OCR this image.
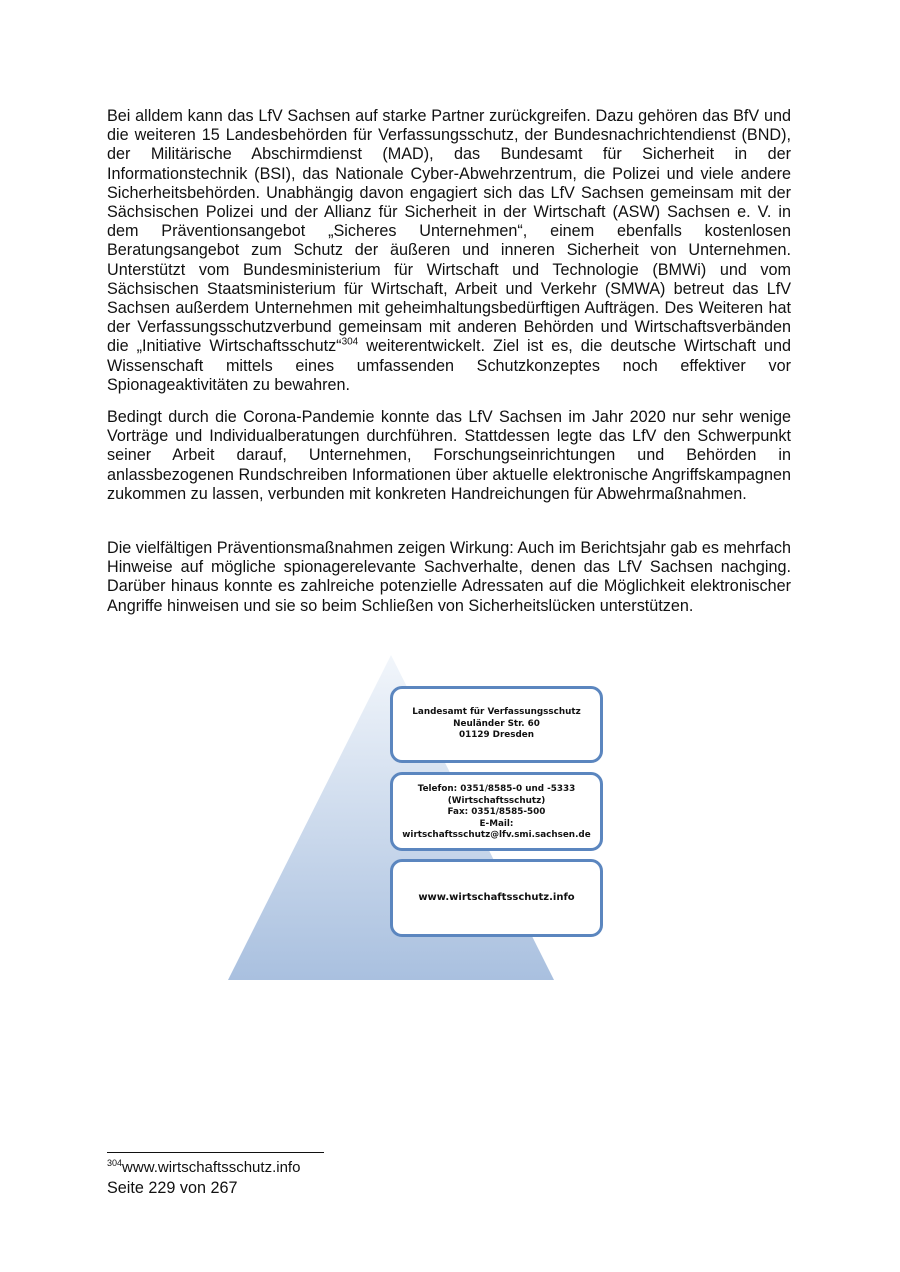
Bei alldem kann das LfV Sachsen auf starke Partner zurückgreifen. Dazu gehören das BfV und die weiteren 15 Landesbehörden für Verfassungsschutz, der Bundesnachrichtendienst (BND), der Militärische Abschirmdienst (MAD), das Bundesamt für Sicherheit in der Informationstechnik (BSI), das Nationale Cyber-Abwehrzentrum, die Polizei und viele andere Sicherheitsbehörden. Unabhängig davon engagiert sich das LfV Sachsen gemeinsam mit der Sächsischen Polizei und der Allianz für Sicherheit in der Wirtschaft (ASW) Sachsen e. V. in dem Präventionsangebot „Sicheres Unternehmen“, einem ebenfalls kostenlosen Beratungsangebot zum Schutz der äußeren und inneren Sicherheit von Unternehmen. Unterstützt vom Bundesministerium für Wirtschaft und Technologie (BMWi) und vom Sächsischen Staatsministerium für Wirtschaft, Arbeit und Verkehr (SMWA) betreut das LfV Sachsen außerdem Unternehmen mit geheimhaltungsbedürftigen Aufträgen. Des Weiteren hat der Verfassungsschutzverbund gemeinsam mit anderen Behörden und Wirtschaftsverbänden die „Initiative Wirtschaftsschutz“$^{304}$ weiterentwickelt. Ziel ist es, die deutsche Wirtschaft und Wissenschaft mittels eines umfassenden Schutzkonzeptes noch effektiver vor Spionageaktivitäten zu bewahren.

Bedingt durch die Corona-Pandemie konnte das LfV Sachsen im Jahr 2020 nur sehr wenige Vorträge und Individualberatungen durchführen. Stattdessen legte das LfV den Schwerpunkt seiner Arbeit darauf, Unternehmen, Forschungseinrichtungen und Behörden in anlassbezogenen Rundschreiben Informationen über aktuelle elektronische Angriffskampagnen zukommen zu lassen, verbunden mit konkreten Handreichungen für Abwehrmaßnahmen.

Die vielfältigen Präventionsmaßnahmen zeigen Wirkung: Auch im Berichtsjahr gab es mehrfach Hinweise auf mögliche spionagerelevante Sachverhalte, denen das LfV Sachsen nachging. Darüber hinaus konnte es zahlreiche potenzielle Adressaten auf die Möglichkeit elektronischer Angriffe hinweisen und sie so beim Schließen von Sicherheitslücken unterstützen.

Landesamt für Verfassungsschutz
Neuländer Str. 60
01129 Dresden
Telefon: 0351/8585-0 und -5333
(Wirtschaftsschutz)
Fax: 0351/8585-500
E-Mail:
wirtschaftsschutz@lfv.smi.sachsen.de
www.wirtschaftsschutz.info
$^{304}$www.wirtschaftsschutz.info
Seite 229 von 267
